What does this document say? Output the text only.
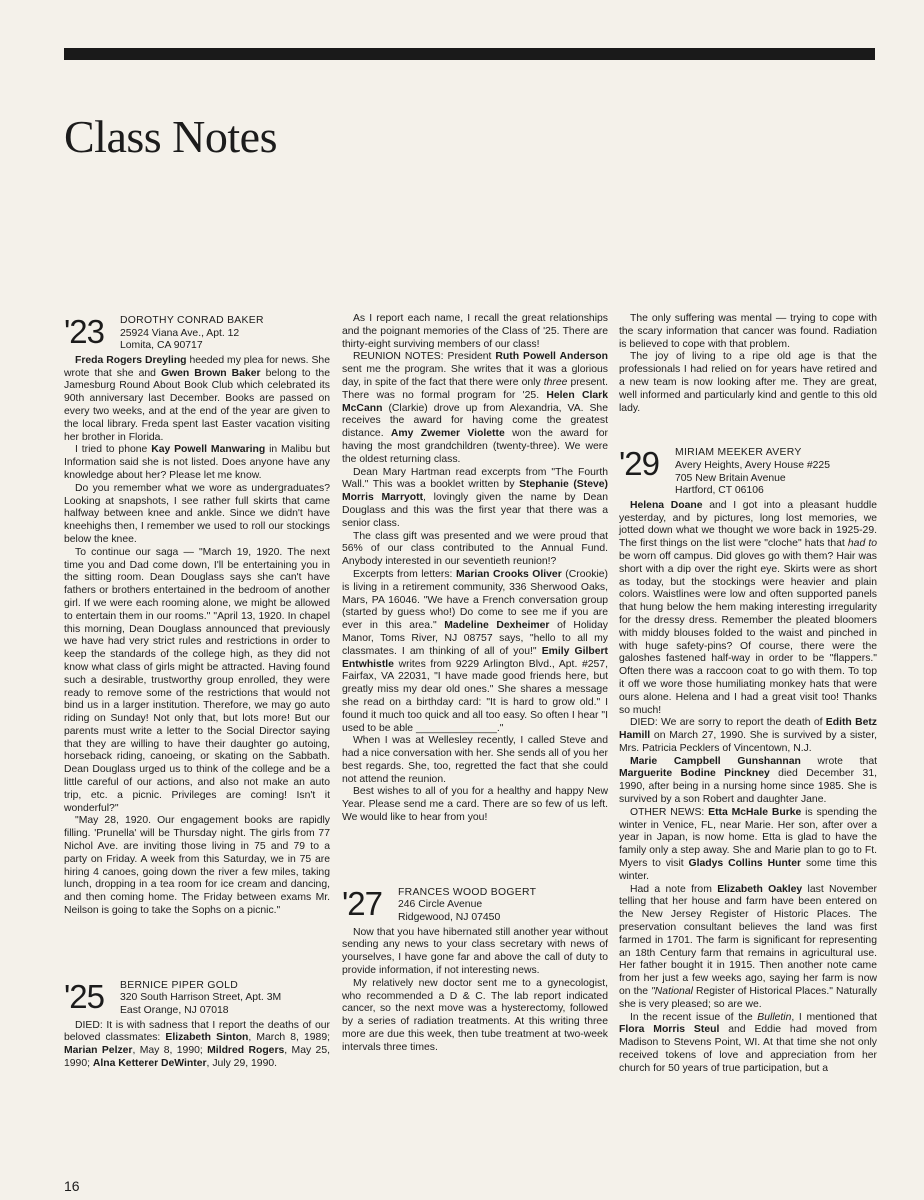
Class Notes
'23	DOROTHY CONRAD BAKER
25924 Viana Ave., Apt. 12
Lomita, CA 90717

Freda Rogers Dreyling heeded my plea for news. She wrote that she and Gwen Brown Baker belong to the Jamesburg Round About Book Club which celebrated its 90th anniversary last December. Books are passed on every two weeks, and at the end of the year are given to the local library. Freda spent last Easter vacation visiting her brother in Florida.

I tried to phone Kay Powell Manwaring in Malibu but Information said she is not listed. Does anyone have any knowledge about her? Please let me know.

Do you remember what we wore as undergraduates? Looking at snapshots, I see rather full skirts that came halfway between knee and ankle. Since we didn't have kneehighs then, I remember we used to roll our stockings below the knee.

To continue our saga — "March 19, 1920. The next time you and Dad come down, I'll be entertaining you in the sitting room. Dean Douglass says she can't have fathers or brothers entertained in the bedroom of another girl. If we were each rooming alone, we might be allowed to entertain them in our rooms." "April 13, 1920. In chapel this morning, Dean Douglass announced that previously we have had very strict rules and restrictions in order to keep the standards of the college high, as they did not know what class of girls might be attracted. Having found such a desirable, trustworthy group enrolled, they were ready to remove some of the restrictions that would not bind us in a larger institution. Therefore, we may go auto riding on Sunday! Not only that, but lots more! But our parents must write a letter to the Social Director saying that they are willing to have their daughter go autoing, horseback riding, canoeing, or skating on the Sabbath. Dean Douglass urged us to think of the college and be a little careful of our actions, and also not make an auto trip, etc. a picnic. Privileges are coming! Isn't it wonderful?"

"May 28, 1920. Our engagement books are rapidly filling. 'Prunella' will be Thursday night. The girls from 77 Nichol Ave. are inviting those living in 75 and 79 to a party on Friday. A week from this Saturday, we in 75 are hiring 4 canoes, going down the river a few miles, taking lunch, dropping in a tea room for ice cream and dancing, and then coming home. The Friday between exams Mr. Neilson is going to take the Sophs on a picnic."

'25	BERNICE PIPER GOLD
320 South Harrison Street, Apt. 3M
East Orange, NJ 07018

DIED: It is with sadness that I report the deaths of our beloved classmates: Elizabeth Sinton, March 8, 1989; Marian Pelzer, May 8, 1990; Mildred Rogers, May 25, 1990; Alna Ketterer DeWinter, July 29, 1990.

As I report each name, I recall the great relationships and the poignant memories of the Class of '25. There are thirty-eight surviving members of our class!

REUNION NOTES: President Ruth Powell Anderson sent me the program. She writes that it was a glorious day, in spite of the fact that there were only three present. There was no formal program for '25. Helen Clark McCann (Clarkie) drove up from Alexandria, VA. She receives the award for having come the greatest distance. Amy Zwemer Violette won the award for having the most grandchildren (twenty-three). We were the oldest returning class.

Dean Mary Hartman read excerpts from "The Fourth Wall." This was a booklet written by Stephanie (Steve) Morris Marryott, lovingly given the name by Dean Douglass and this was the first year that there was a senior class.

The class gift was presented and we were proud that 56% of our class contributed to the Annual Fund. Anybody interested in our seventieth reunion!?

Excerpts from letters: Marian Crooks Oliver (Crookie) is living in a retirement community, 336 Sherwood Oaks, Mars, PA 16046. "We have a French conversation group (started by guess who!) Do come to see me if you are ever in this area." Madeline Dexheimer of Holiday Manor, Toms River, NJ 08757 says, "hello to all my classmates. I am thinking of all of you!" Emily Gilbert Entwhistle writes from 9229 Arlington Blvd., Apt. #257, Fairfax, VA 22031, "I have made good friends here, but greatly miss my dear old ones." She shares a message she read on a birthday card: "It is hard to grow old." I found it much too quick and all too easy. So often I hear "I used to be able ______________."

When I was at Wellesley recently, I called Steve and had a nice conversation with her. She sends all of you her best regards. She, too, regretted the fact that she could not attend the reunion.

Best wishes to all of you for a healthy and happy New Year. Please send me a card. There are so few of us left. We would like to hear from you!

'27	FRANCES WOOD BOGERT
246 Circle Avenue
Ridgewood, NJ 07450

Now that you have hibernated still another year without sending any news to your class secretary with news of yourselves, I have gone far and above the call of duty to provide information, if not interesting news.

My relatively new doctor sent me to a gynecologist, who recommended a D & C. The lab report indicated cancer, so the next move was a hysterectomy, followed by a series of radiation treatments. At this writing three more are due this week, then tube treatment at two-week intervals three times.

The only suffering was mental — trying to cope with the scary information that cancer was found. Radiation is believed to cope with that problem.

The joy of living to a ripe old age is that the professionals I had relied on for years have retired and a new team is now looking after me. They are great, well informed and particularly kind and gentle to this old lady.

'29	MIRIAM MEEKER AVERY
Avery Heights, Avery House #225
705 New Britain Avenue
Hartford, CT 06106

Helena Doane and I got into a pleasant huddle yesterday, and by pictures, long lost memories, we jotted down what we thought we wore back in 1925-29. The first things on the list were "cloche" hats that had to be worn off campus. Did gloves go with them? Hair was short with a dip over the right eye. Skirts were as short as today, but the stockings were heavier and plain colors. Waistlines were low and often supported panels that hung below the hem making interesting irregularity for the dressy dress. Remember the pleated bloomers with middy blouses folded to the waist and pinched in with huge safety-pins? Of course, there were the galoshes fastened half-way in order to be "flappers." Often there was a raccoon coat to go with them. To top it off we wore those humiliating monkey hats that were ours alone. Helena and I had a great visit too! Thanks so much!

DIED: We are sorry to report the death of Edith Betz Hamill on March 27, 1990. She is survived by a sister, Mrs. Patricia Pecklers of Vincentown, N.J.

Marie Campbell Gunshannan wrote that Marguerite Bodine Pinckney died December 31, 1990, after being in a nursing home since 1985. She is survived by a son Robert and daughter Jane.

OTHER NEWS: Etta McHale Burke is spending the winter in Venice, FL, near Marie. Her son, after over a year in Japan, is now home. Etta is glad to have the family only a step away. She and Marie plan to go to Ft. Myers to visit Gladys Collins Hunter some time this winter.

Had a note from Elizabeth Oakley last November telling that her house and farm have been entered on the New Jersey Register of Historic Places. The preservation consultant believes the land was first farmed in 1701. The farm is significant for representing an 18th Century farm that remains in agricultural use. Her father bought it in 1915. Then another note came from her just a few weeks ago, saying her farm is now on the "National Register of Historical Places." Naturally she is very pleased; so are we.

In the recent issue of the Bulletin, I mentioned that Flora Morris Steul and Eddie had moved from Madison to Stevens Point, WI. At that time she not only received tokens of love and appreciation from her church for 50 years of true participation, but a

16
